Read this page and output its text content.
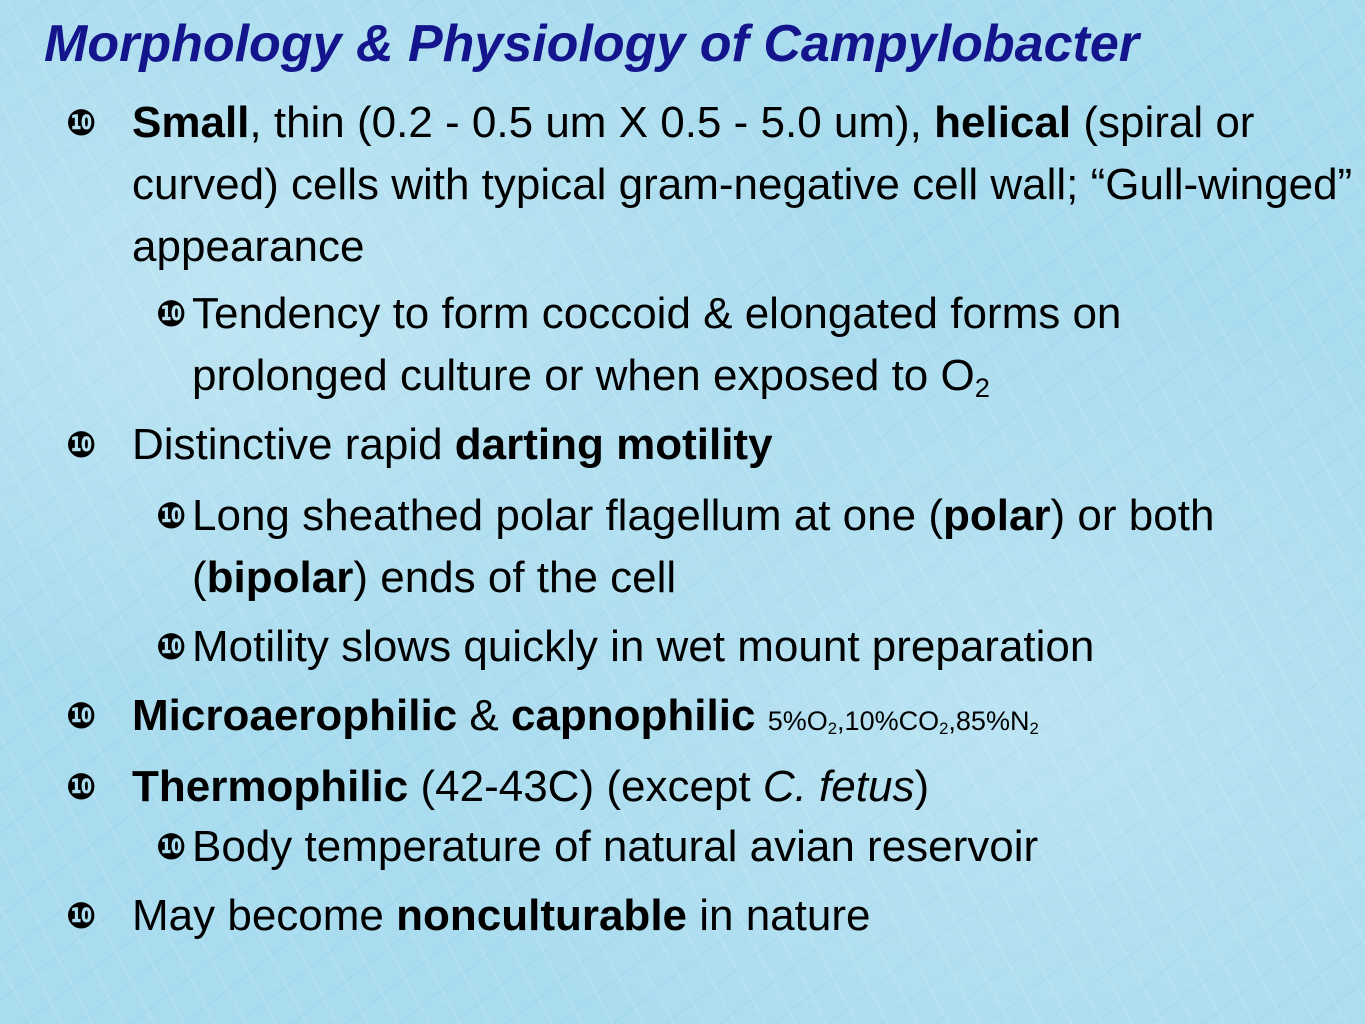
Morphology & Physiology of Campylobacter
❿ Small, thin (0.2 - 0.5 um X 0.5 - 5.0 um), helical (spiral or curved) cells with typical gram-negative cell wall; “Gull-winged” appearance
❿ Tendency to form coccoid & elongated forms on prolonged culture or when exposed to $O_2$
❿ Distinctive rapid darting motility
❿ Long sheathed polar flagellum at one (polar) or both (bipolar) ends of the cell
❿ Motility slows quickly in wet mount preparation
❿ Microaerophilic & capnophilic $5\%O_2,10\%CO_2,85\%N_2$
❿ Thermophilic (42-43C) (except C. fetus)
❿ Body temperature of natural avian reservoir
❿ May become nonculturable in nature
